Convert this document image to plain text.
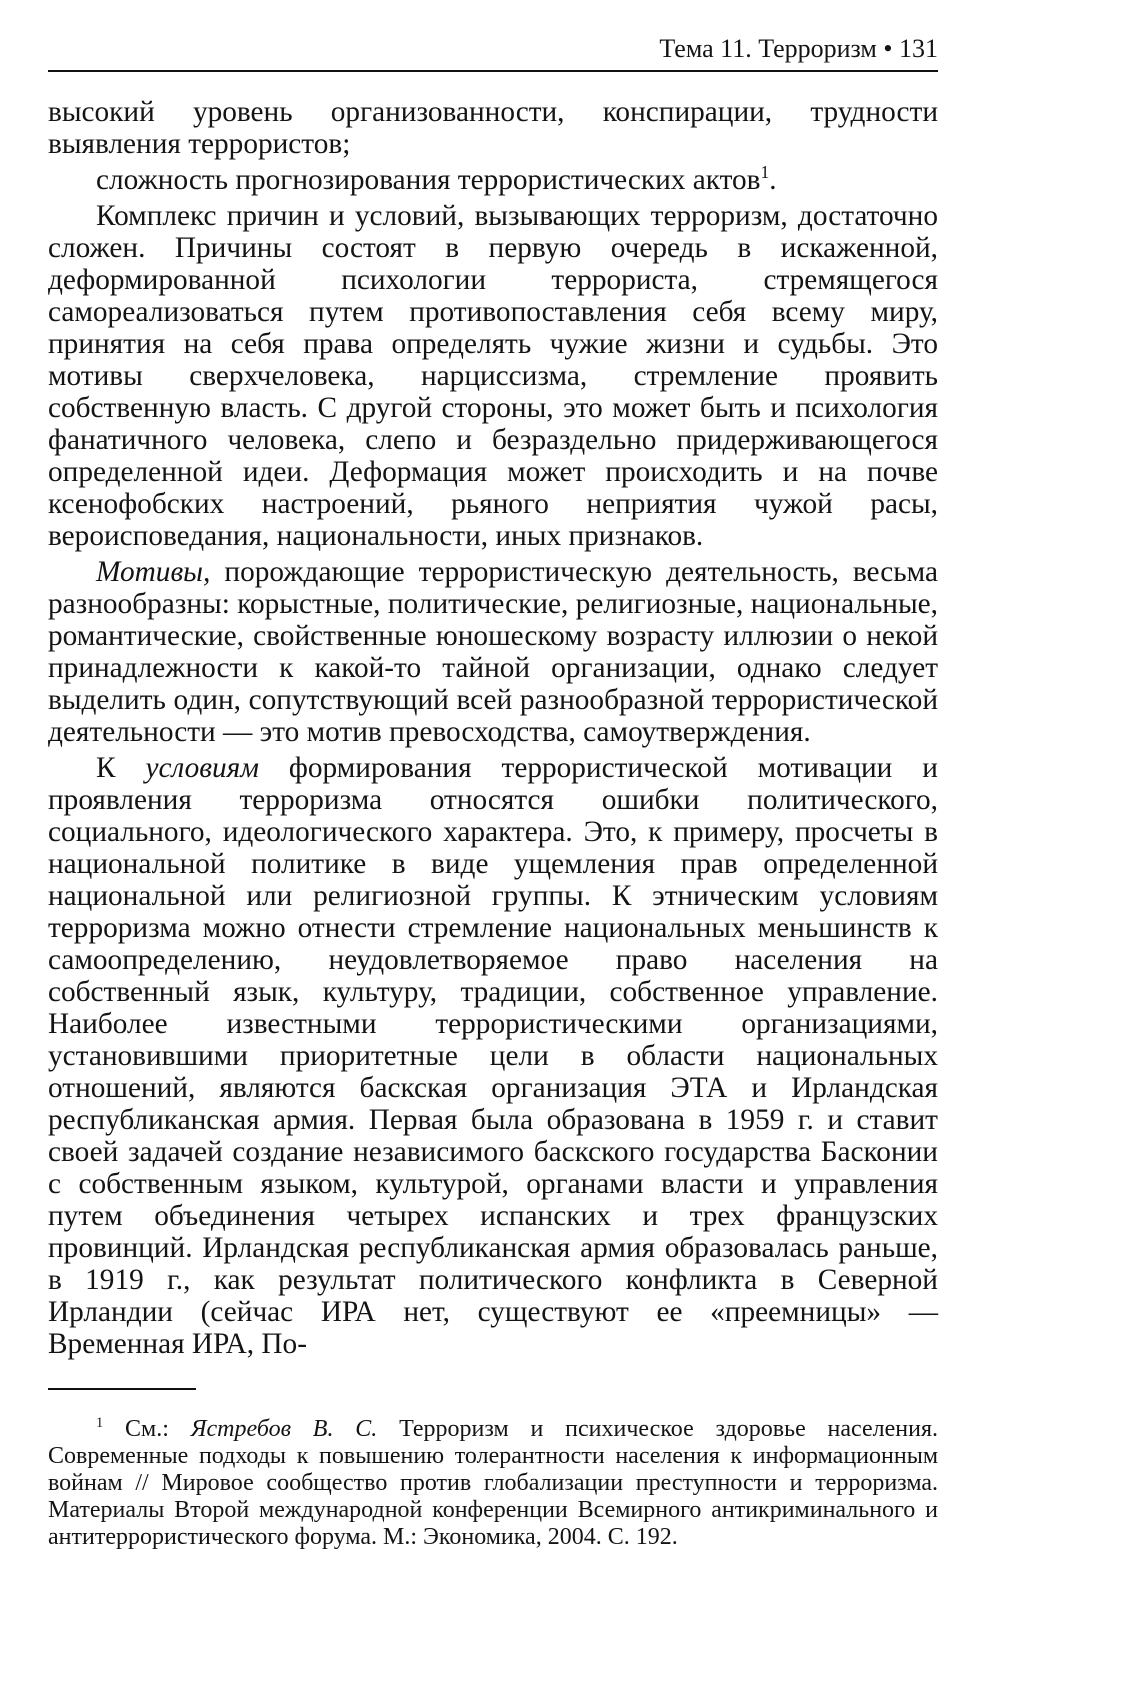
Тема 11. Терроризм • 131

высокий уровень организованности, конспирации, трудности выявления террористов;

сложность прогнозирования террористических актов$^1$.

Комплекс причин и условий, вызывающих терроризм, достаточно сложен. Причины состоят в первую очередь в искаженной, деформированной психологии террориста, стремящегося самореализоваться путем противопоставления себя всему миру, принятия на себя права определять чужие жизни и судьбы. Это мотивы сверхчеловека, нарциссизма, стремление проявить собственную власть. С другой стороны, это может быть и психология фанатичного человека, слепо и безраздельно придерживающегося определенной идеи. Деформация может происходить и на почве ксенофобских настроений, рьяного неприятия чужой расы, вероисповедания, национальности, иных признаков.

Мотивы, порождающие террористическую деятельность, весьма разнообразны: корыстные, политические, религиозные, национальные, романтические, свойственные юношескому возрасту иллюзии о некой принадлежности к какой-то тайной организации, однако следует выделить один, сопутствующий всей разнообразной террористической деятельности — это мотив превосходства, самоутверждения.

К условиям формирования террористической мотивации и проявления терроризма относятся ошибки политического, социального, идеологического характера. Это, к примеру, просчеты в национальной политике в виде ущемления прав определенной национальной или религиозной группы. К этническим условиям терроризма можно отнести стремление национальных меньшинств к самоопределению, неудовлетворяемое право населения на собственный язык, культуру, традиции, собственное управление. Наиболее известными террористическими организациями, установившими приоритетные цели в области национальных отношений, являются баскская организация ЭТА и Ирландская республиканская армия. Первая была образована в 1959 г. и ставит своей задачей создание независимого баскского государства Басконии с собственным языком, культурой, органами власти и управления путем объединения четырех испанских и трех французских провинций. Ирландская республиканская армия образовалась раньше, в 1919 г., как результат политического конфликта в Северной Ирландии (сейчас ИРА нет, существуют ее «преемницы» — Временная ИРА, По-

$^1$ См.: Ястребов В. С. Терроризм и психическое здоровье населения. Современные подходы к повышению толерантности населения к информационным войнам // Мировое сообщество против глобализации преступности и терроризма. Материалы Второй международной конференции Всемирного антикриминального и антитеррористического форума. М.: Экономика, 2004. С. 192.
